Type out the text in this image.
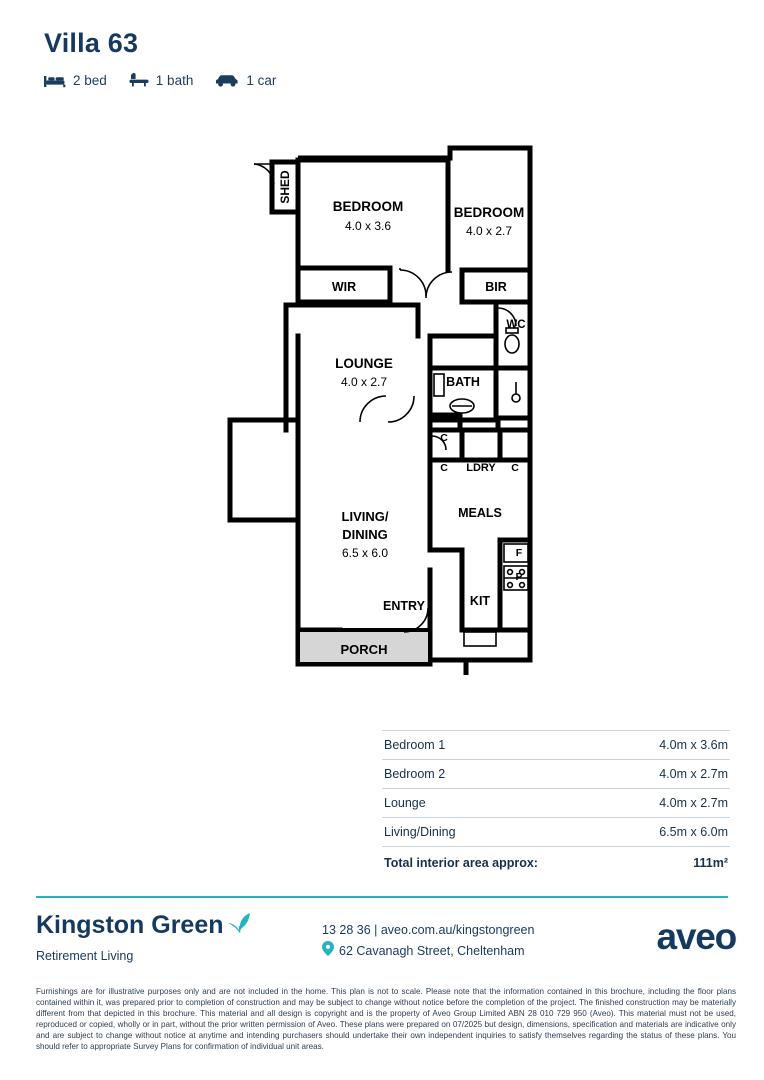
Villa 63
2 bed	1 bath	1 car
SHED
BEDROOM
4.0 x 3.6
BEDROOM
4.0 x 2.7
WIR	BIR
WC
LOUNGE
4.0 x 2.7	BATH
C
C LDRY C
LIVING/
DINING
6.5 x 6.0
MEALS
F
P
KIT
ENTRY
PORCH
Bedroom 1	4.0m x 3.6m
Bedroom 2	4.0m x 2.7m
Lounge	4.0m x 2.7m
Living/Dining	6.5m x 6.0m
Total interior area approx:	111m²
Kingston Green
Retirement Living
13 28 36 | aveo.com.au/kingstongreen
62 Cavanagh Street, Cheltenham	aveo
Furnishings are for illustrative purposes only and are not included in the home. This plan is not to scale. Please note that the information contained in this brochure, including the floor plans contained within it, was prepared prior to completion of construction and may be subject to change without notice before the completion of the project. The finished construction may be materially different from that depicted in this brochure. This material and all design is copyright and is the property of Aveo Group Limited ABN 28 010 729 950 (Aveo). This material must not be used, reproduced or copied, wholly or in part, without the prior written permission of Aveo. These plans were prepared on 07/2025 but design, dimensions, specification and materials are indicative only and are subject to change without notice at anytime and intending purchasers should undertake their own independent inquiries to satisfy themselves regarding the status of these plans. You should refer to appropriate Survey Plans for confirmation of individual unit areas.
